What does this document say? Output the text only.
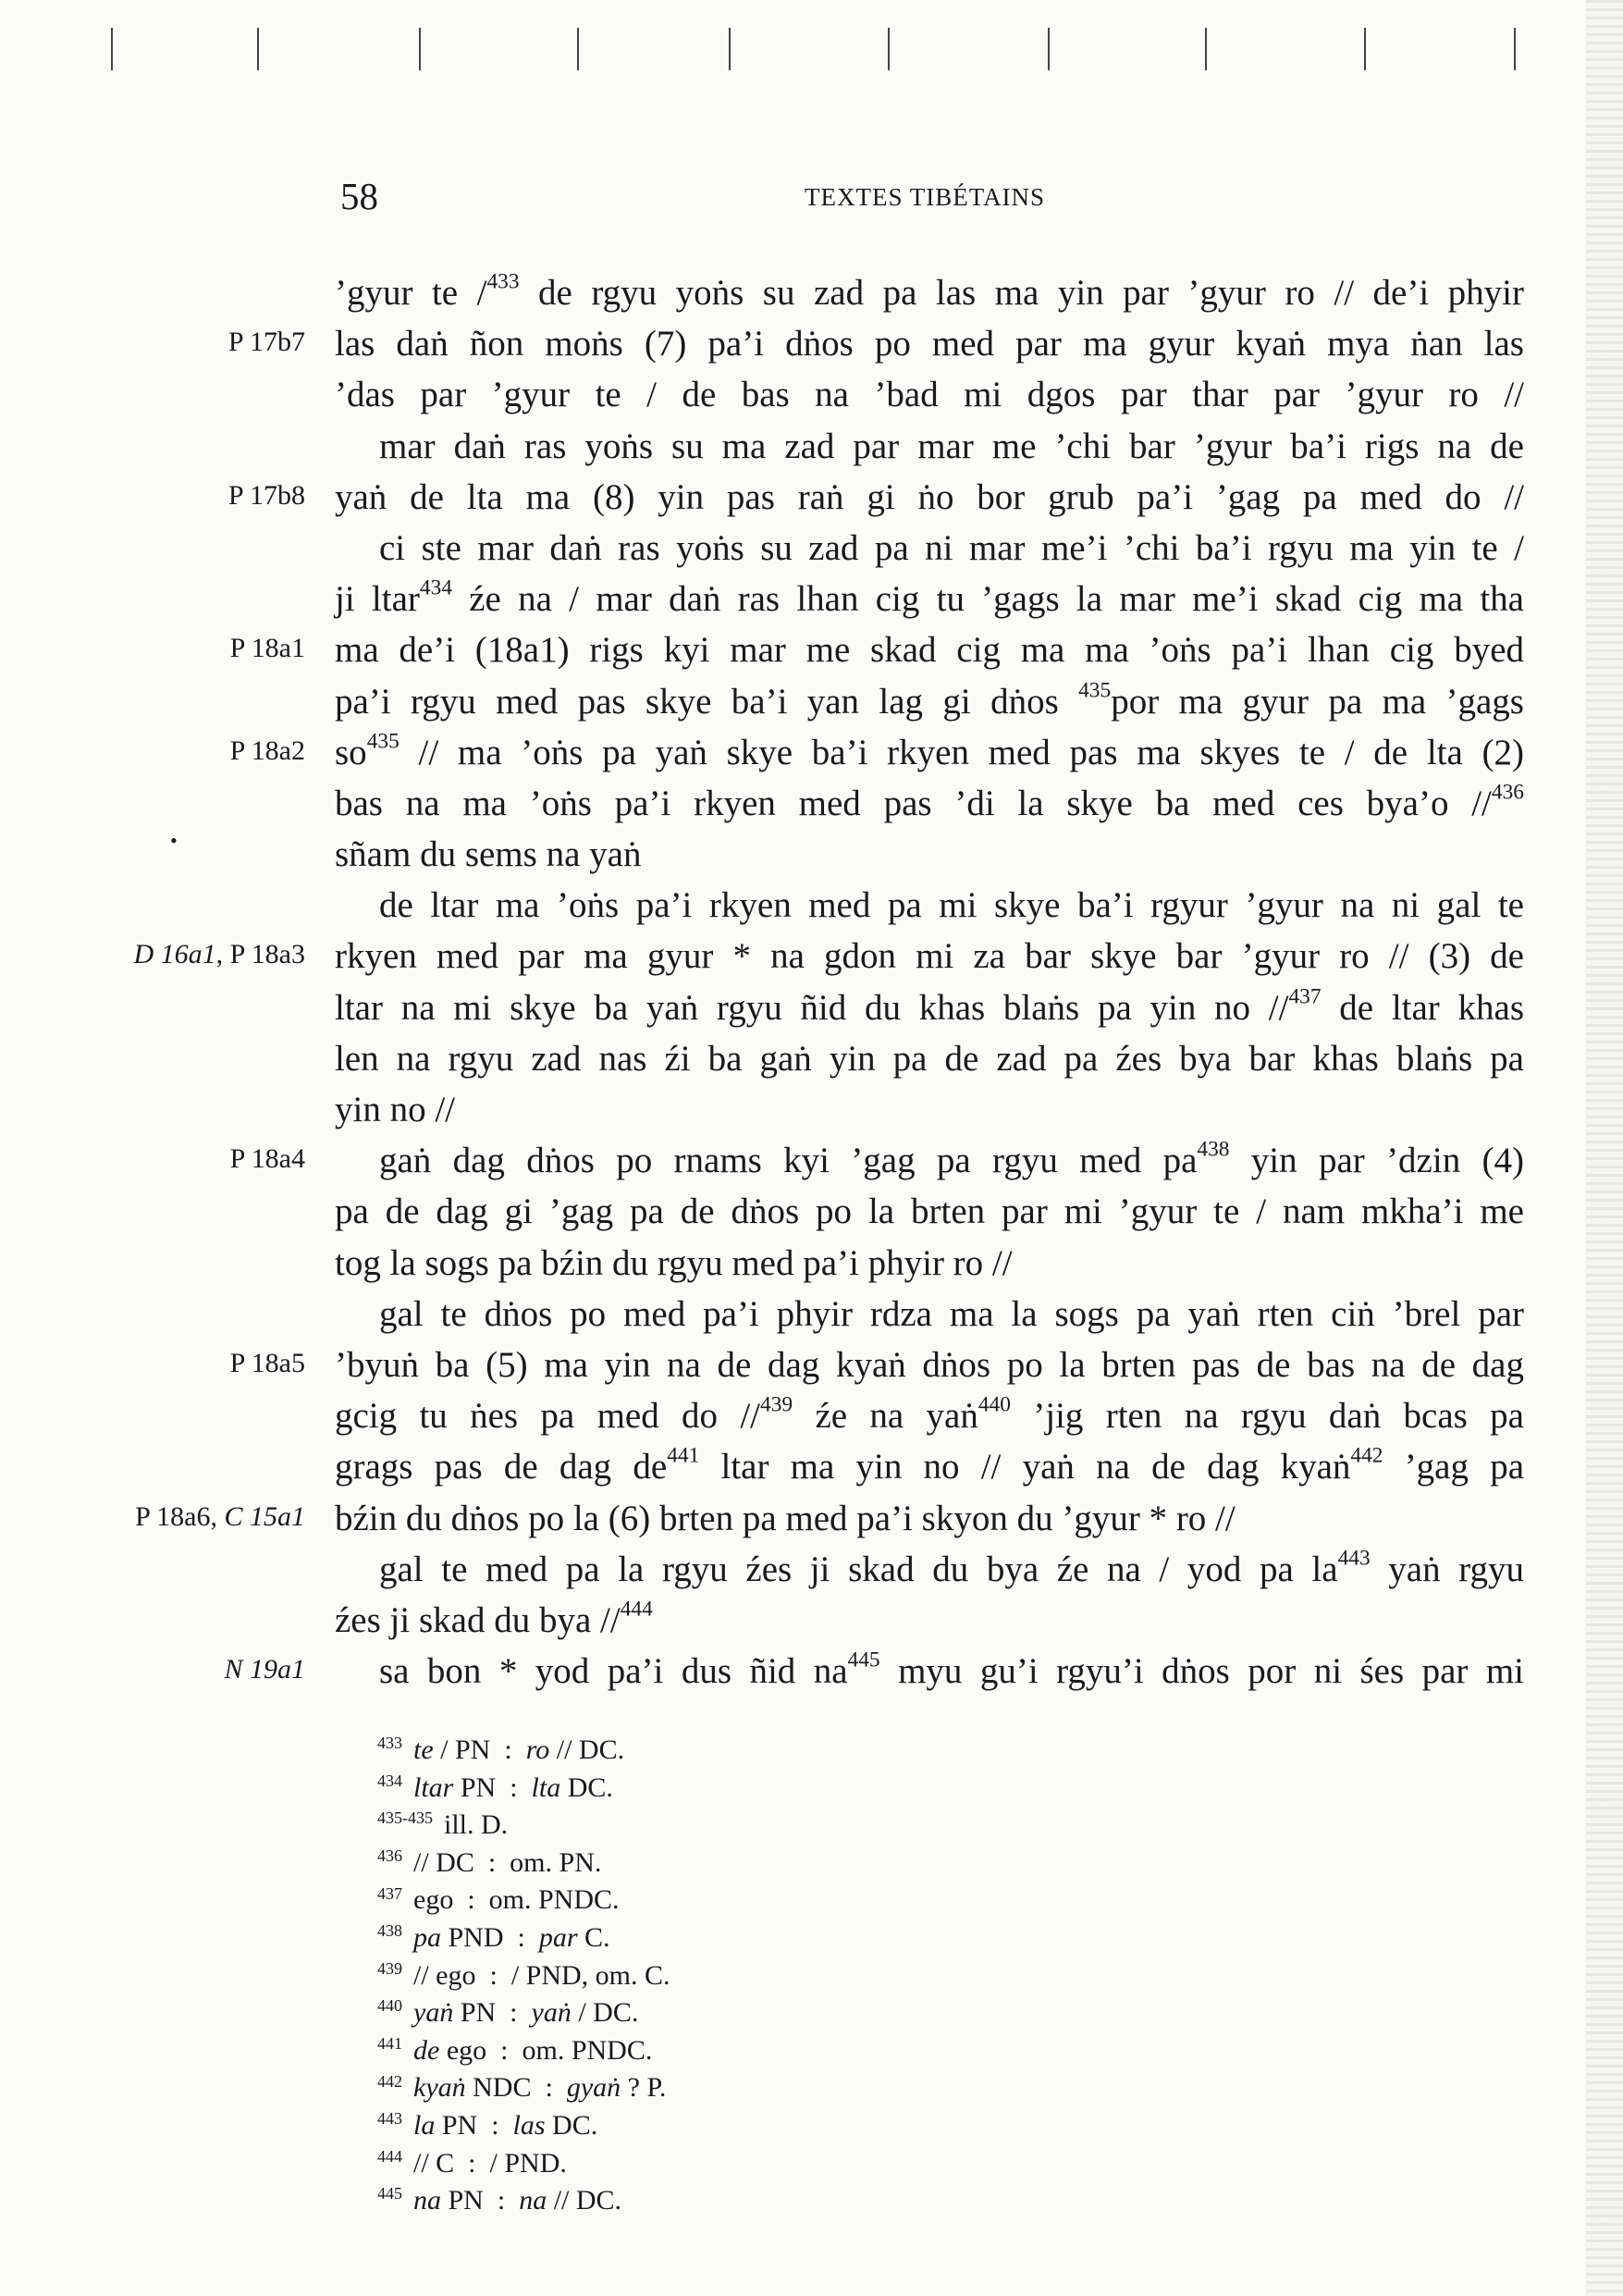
58	TEXTES TIBÉTAINS
’gyur te /$^{433}$ de rgyu yoṅs su zad pa las ma yin par ’gyur ro // de’i phyir
P 17b7 las daṅ ñon moṅs (7) pa’i dṅos po med par ma gyur kyaṅ mya ṅan las
’das par ’gyur te / de bas na ’bad mi dgos par thar par ’gyur ro //
mar daṅ ras yoṅs su ma zad par mar me ’chi bar ’gyur ba’i rigs na de
P 17b8 yaṅ de lta ma (8) yin pas raṅ gi ṅo bor grub pa’i ’gag pa med do //
ci ste mar daṅ ras yoṅs su zad pa ni mar me’i ’chi ba’i rgyu ma yin te /
ji ltar$^{434}$ źe na / mar daṅ ras lhan cig tu ’gags la mar me’i skad cig ma tha
P 18a1 ma de’i (18a1) rigs kyi mar me skad cig ma ma ’oṅs pa’i lhan cig byed
pa’i rgyu med pas skye ba’i yan lag gi dṅos $^{435}$por ma gyur pa ma ’gags
P 18a2 $so^{435}$ // ma ’oṅs pa yaṅ skye ba’i rkyen med pas ma skyes te / de lta (2)
bas na ma ’oṅs pa’i rkyen med pas ’di la skye ba med ces bya’o //$^{436}$
sñam du sems na yaṅ
de ltar ma ’oṅs pa’i rkyen med pa mi skye ba’i rgyur ’gyur na ni gal te
D 16a1, P 18a3 rkyen med par ma gyur * na gdon mi za bar skye bar ’gyur ro // (3) de
ltar na mi skye ba yaṅ rgyu ñid du khas blaṅs pa yin no //$^{437}$ de ltar khas
len na rgyu zad nas źi ba gaṅ yin pa de zad pa źes bya bar khas blaṅs pa
yin no //
P 18a4 gaṅ dag dṅos po rnams kyi ’gag pa rgyu med $pa^{438}$ yin par ’dzin (4)
pa de dag gi ’gag pa de dṅos po la brten par mi ’gyur te / nam mkha’i me
tog la sogs pa bźin du rgyu med pa’i phyir ro //
gal te dṅos po med pa’i phyir rdza ma la sogs pa yaṅ rten ciṅ ’brel par
P 18a5 ’byuṅ ba (5) ma yin na de dag kyaṅ dṅos po la brten pas de bas na de dag
gcig tu ṅes pa med do //$^{439}$ źe na yaṅ$^{440}$ ’jig rten na rgyu daṅ bcas pa
grags pas de dag $de^{441}$ ltar ma yin no // yaṅ na de dag kyaṅ$^{442}$ ’gag pa
P 18a6, C 15a1 bźin du dṅos po la (6) brten pa med pa’i skyon du ’gyur * ro //
gal te med pa la rgyu źes ji skad du bya źe na / yod pa $la^{443}$ yaṅ rgyu
źes ji skad du bya //$^{444}$
N 19a1 sa bon * yod pa’i dus ñid $na^{445}$ myu gu’i rgyu’i dṅos por ni śes par mi
•
$^{433}$ te / PN  :  ro // DC.
$^{434}$ ltar PN  :  lta DC.
$^{435-435}$ ill. D.
$^{436}$ // DC  :  om. PN.
$^{437}$ ego  :  om. PNDC.
$^{438}$ pa PND  :  par C.
$^{439}$ // ego  :  / PND, om. C.
$^{440}$ yaṅ PN  :  yaṅ / DC.
$^{441}$ de ego  :  om. PNDC.
$^{442}$ kyaṅ NDC  :  gyaṅ ? P.
$^{443}$ la PN  :  las DC.
$^{444}$ // C  :  / PND.
$^{445}$ na PN  :  na // DC.
